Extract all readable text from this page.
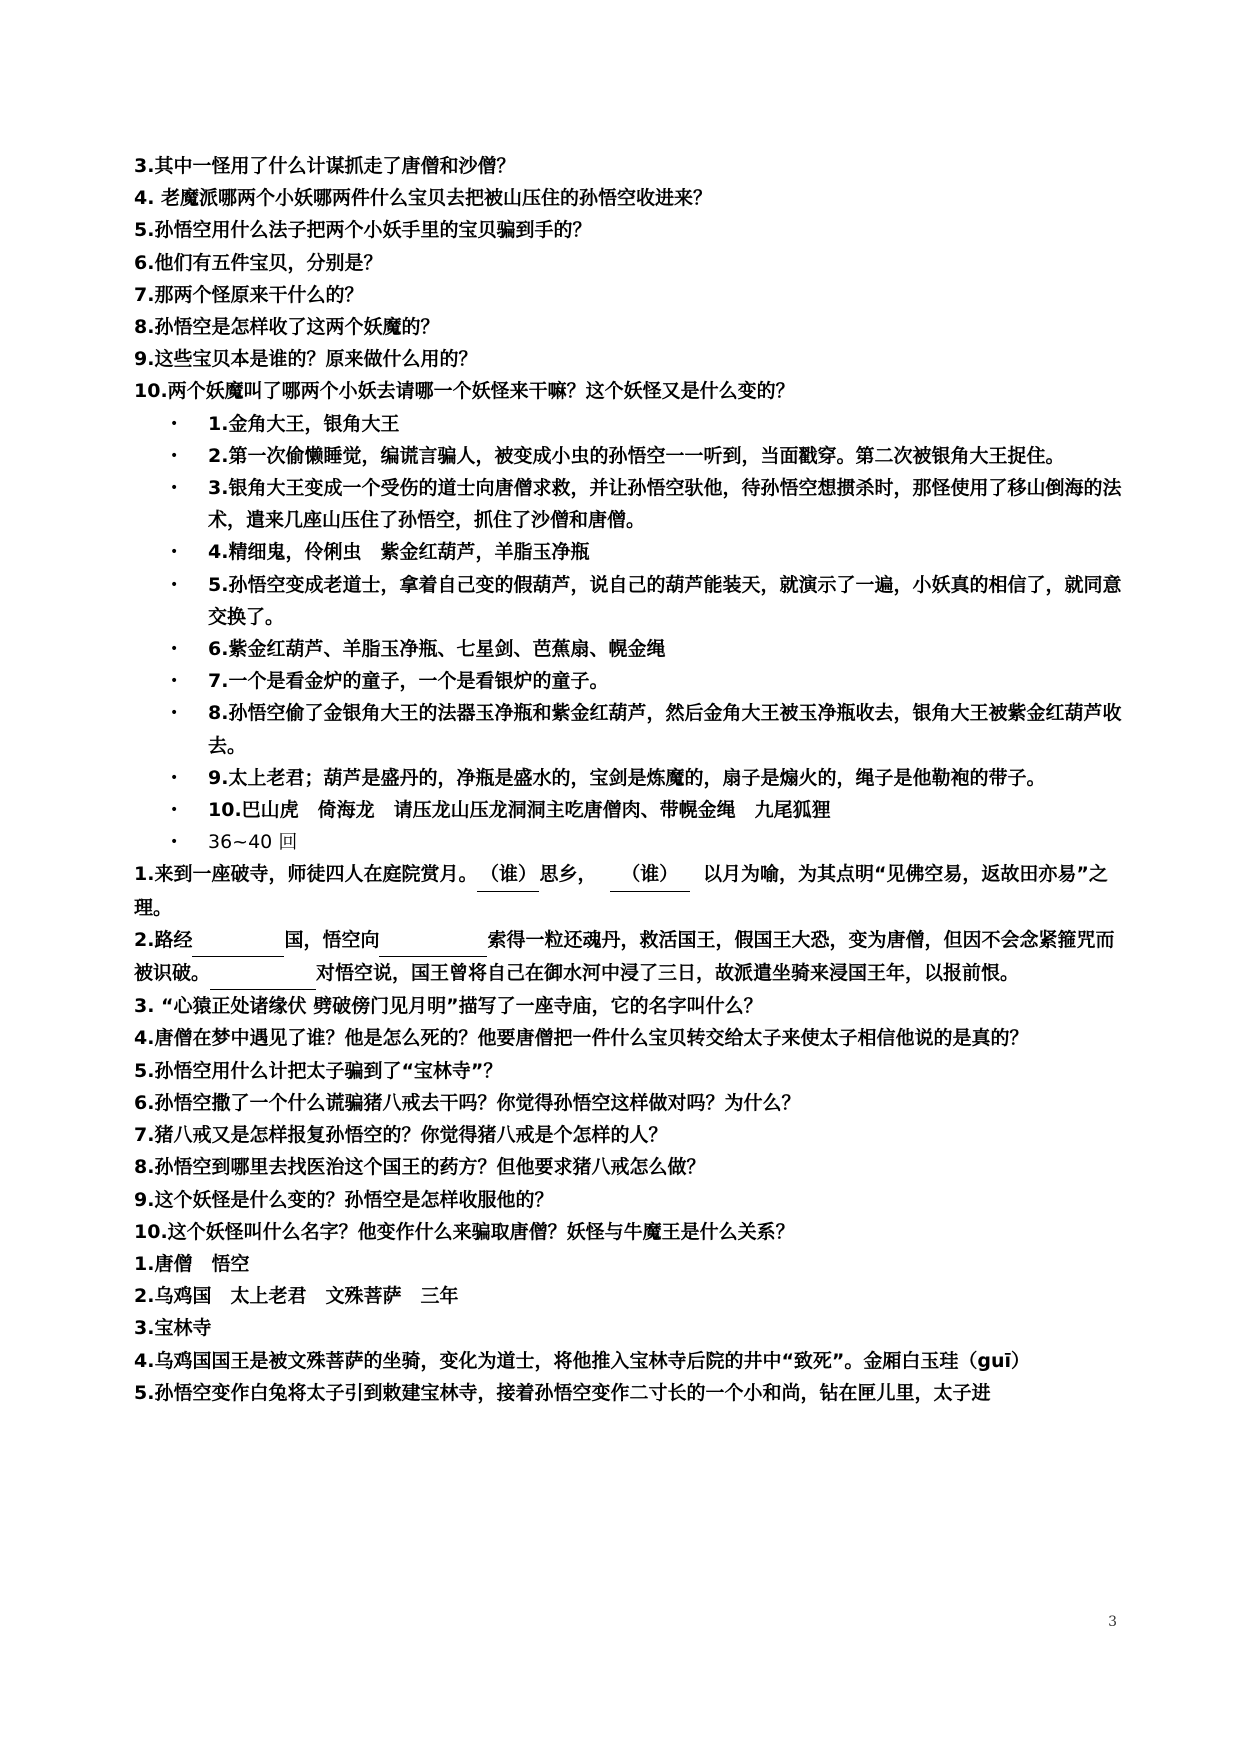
3.其中一怪用了什么计谋抓走了唐僧和沙僧？
4. 老魔派哪两个小妖哪两件什么宝贝去把被山压住的孙悟空收进来？
5.孙悟空用什么法子把两个小妖手里的宝贝骗到手的？
6.他们有五件宝贝，分别是？
7.那两个怪原来干什么的？
8.孙悟空是怎样收了这两个妖魔的？
9.这些宝贝本是谁的？原来做什么用的？
10.两个妖魔叫了哪两个小妖去请哪一个妖怪来干嘛？这个妖怪又是什么变的？
• 1.金角大王，银角大王
• 2.第一次偷懒睡觉，编谎言骗人，被变成小虫的孙悟空一一听到，当面戳穿。第二次被银角大王捉住。
• 3.银角大王变成一个受伤的道士向唐僧求救，并让孙悟空驮他，待孙悟空想掼杀时，那怪使用了移山倒海的法术，遣来几座山压住了孙悟空，抓住了沙僧和唐僧。
• 4.精细鬼，伶俐虫　紫金红葫芦，羊脂玉净瓶
• 5.孙悟空变成老道士，拿着自己变的假葫芦，说自己的葫芦能装天，就演示了一遍，小妖真的相信了，就同意交换了。
• 6.紫金红葫芦、羊脂玉净瓶、七星剑、芭蕉扇、幌金绳
• 7.一个是看金炉的童子，一个是看银炉的童子。
• 8.孙悟空偷了金银角大王的法器玉净瓶和紫金红葫芦，然后金角大王被玉净瓶收去，银角大王被紫金红葫芦收去。
• 9.太上老君；葫芦是盛丹的，净瓶是盛水的，宝剑是炼魔的，扇子是煽火的，绳子是他勒袍的带子。
• 10.巴山虎　倚海龙　请压龙山压龙洞洞主吃唐僧肉、带幌金绳　九尾狐狸
• 36~40 回
1.来到一座破寺，师徒四人在庭院赏月。 （谁） 思乡， （谁） 以月为喻，为其点明“见佛空易，返故田亦易”之理。
2.路经	国，悟空向	索得一粒还魂丹，救活国王，假国王大恐，变为唐僧，但因不会念紧箍咒而被识破。	对悟空说，国王曾将自己在御水河中浸了三日，故派遣坐骑来浸国王年，以报前恨。
3. “心猿正处诸缘伏 劈破傍门见月明”描写了一座寺庙，它的名字叫什么？
4.唐僧在梦中遇见了谁？他是怎么死的？他要唐僧把一件什么宝贝转交给太子来使太子相信他说的是真的？
5.孙悟空用什么计把太子骗到了“宝林寺”？
6.孙悟空撒了一个什么谎骗猪八戒去干吗？你觉得孙悟空这样做对吗？为什么？
7.猪八戒又是怎样报复孙悟空的？你觉得猪八戒是个怎样的人？
8.孙悟空到哪里去找医治这个国王的药方？但他要求猪八戒怎么做？
9.这个妖怪是什么变的？孙悟空是怎样收服他的？
10.这个妖怪叫什么名字？他变作什么来骗取唐僧？妖怪与牛魔王是什么关系？
1.唐僧　悟空
2.乌鸡国　太上老君　文殊菩萨　三年
3.宝林寺
4.乌鸡国国王是被文殊菩萨的坐骑，变化为道士，将他推入宝林寺后院的井中“致死”。金厢白玉珪（guī）
5.孙悟空变作白兔将太子引到敕建宝林寺，接着孙悟空变作二寸长的一个小和尚，钻在匣儿里，太子进
3
